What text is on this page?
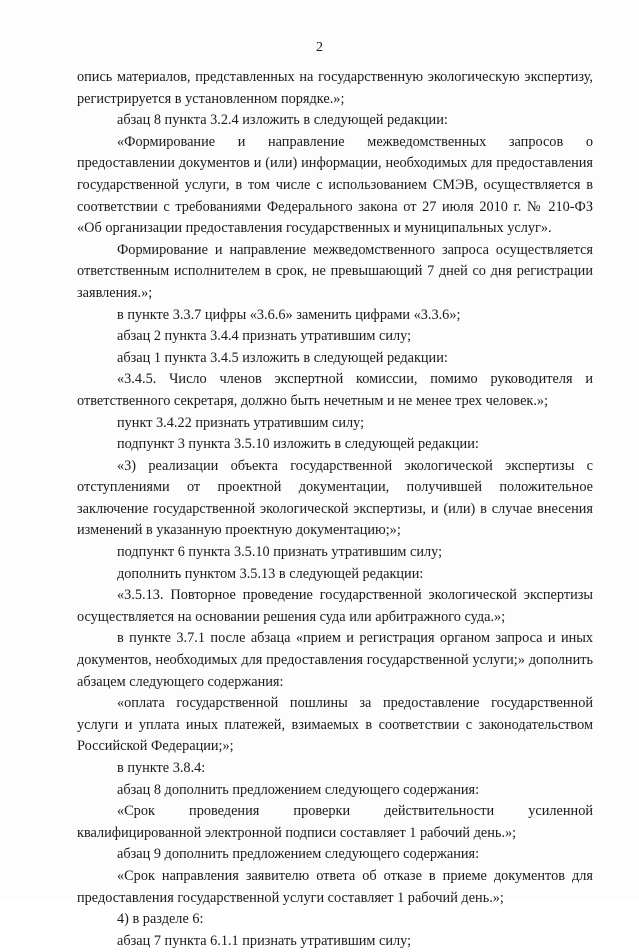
2

опись материалов, представленных на государственную экологическую экспертизу, регистрируется в установленном порядке.»;

абзац 8 пункта 3.2.4 изложить в следующей редакции:

«Формирование и направление межведомственных запросов о предоставлении документов и (или) информации, необходимых для предоставления государственной услуги, в том числе с использованием СМЭВ, осуществляется в соответствии с требованиями Федерального закона от 27 июля 2010 г. № 210-ФЗ «Об организации предоставления государственных и муниципальных услуг».

Формирование и направление межведомственного запроса осуществляется ответственным исполнителем в срок, не превышающий 7 дней со дня регистрации заявления.»;

в пункте 3.3.7 цифры «3.6.6» заменить цифрами «3.3.6»;

абзац 2 пункта 3.4.4 признать утратившим силу;

абзац 1 пункта 3.4.5 изложить в следующей редакции:

«3.4.5. Число членов экспертной комиссии, помимо руководителя и ответственного секретаря, должно быть нечетным и не менее трех человек.»;

пункт 3.4.22 признать утратившим силу;

подпункт 3 пункта 3.5.10 изложить в следующей редакции:

«3) реализации объекта государственной экологической экспертизы с отступлениями от проектной документации, получившей положительное заключение государственной экологической экспертизы, и (или) в случае внесения изменений в указанную проектную документацию;»;

подпункт 6 пункта 3.5.10 признать утратившим силу;

дополнить пунктом 3.5.13 в следующей редакции:

«3.5.13. Повторное проведение государственной экологической экспертизы осуществляется на основании решения суда или арбитражного суда.»;

в пункте 3.7.1 после абзаца «прием и регистрация органом запроса и иных документов, необходимых для предоставления государственной услуги;» дополнить абзацем следующего содержания:

«оплата государственной пошлины за предоставление государственной услуги и уплата иных платежей, взимаемых в соответствии с законодательством Российской Федерации;»;

в пункте 3.8.4:

абзац 8 дополнить предложением следующего содержания:

«Срок проведения проверки действительности усиленной квалифицированной электронной подписи составляет 1 рабочий день.»;

абзац 9 дополнить предложением следующего содержания:

«Срок направления заявителю ответа об отказе в приеме документов для предоставления государственной услуги составляет 1 рабочий день.»;

4) в разделе 6:

абзац 7 пункта 6.1.1 признать утратившим силу;
